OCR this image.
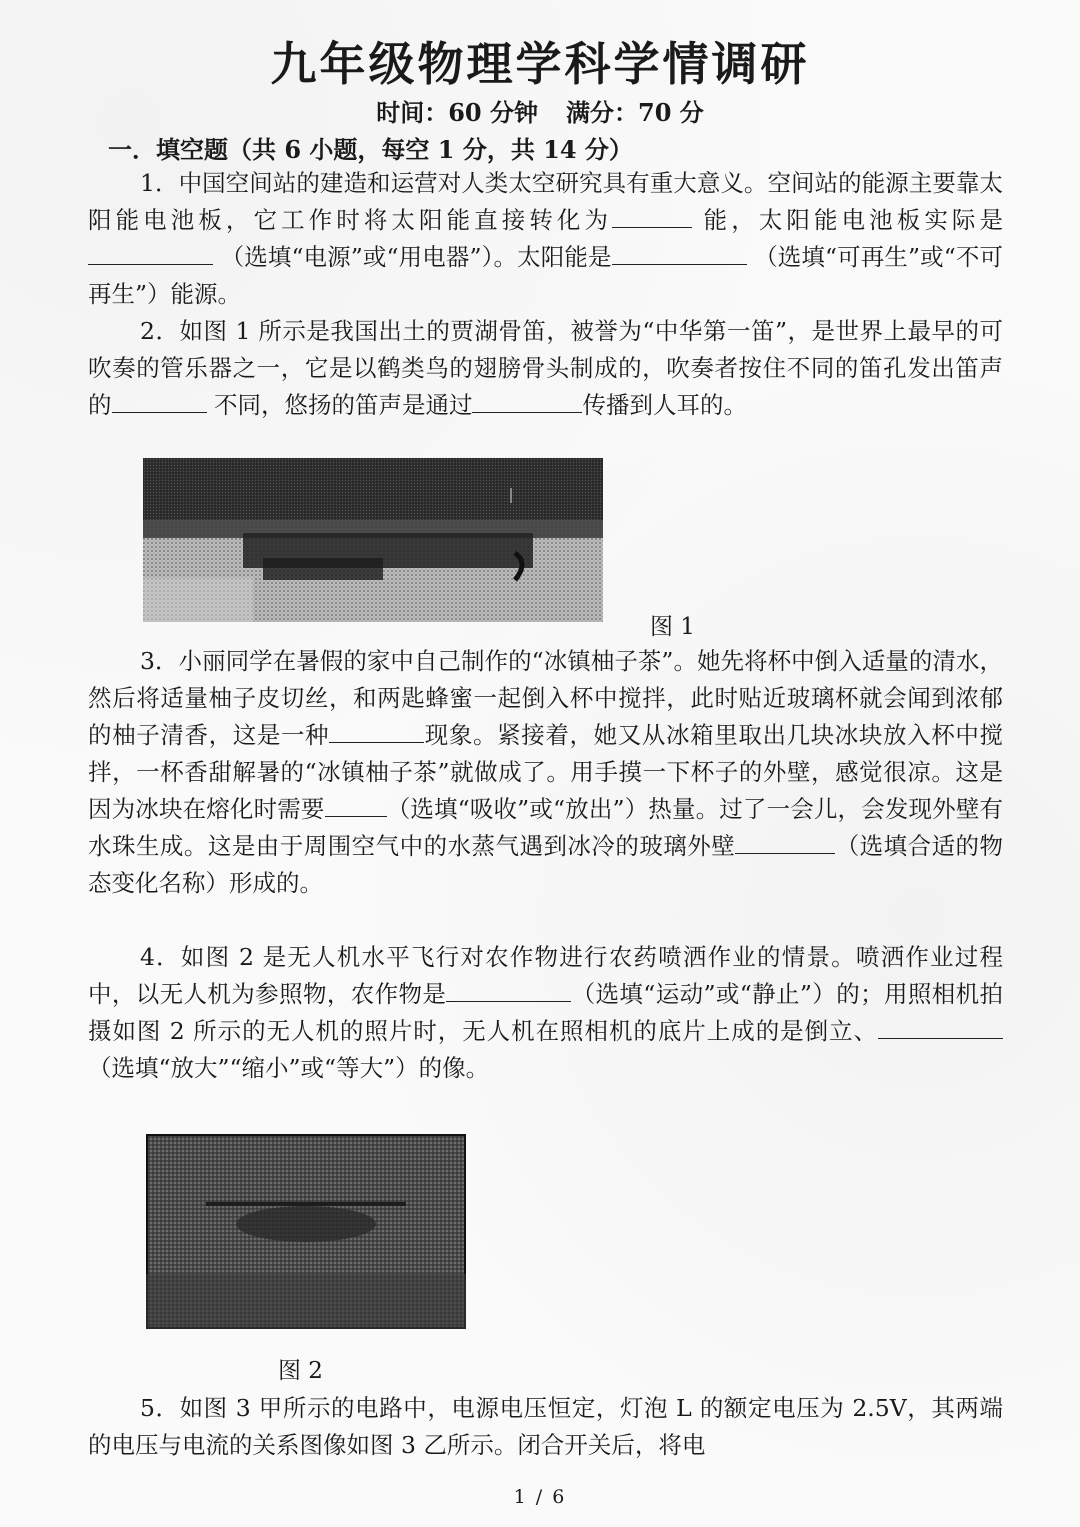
九年级物理学科学情调研
时间：60 分钟 满分：70 分
一．填空题（共 6 小题，每空 1 分，共 14 分）
1．中国空间站的建造和运营对人类太空研究具有重大意义。空间站的能源主要靠太阳能电池板，它工作时将太阳能直接转化为	能，太阳能电池板实际是 （选填“电源”或“用电器”）。太阳能是	（选填“可再生”或“不可再生”）能源。
2．如图 1 所示是我国出土的贾湖骨笛，被誉为“中华第一笛”，是世界上最早的可吹奏的管乐器之一，它是以鹤类鸟的翅膀骨头制成的，吹奏者按住不同的笛孔发出笛声的	不同，悠扬的笛声是通过	传播到人耳的。
图 1
3．小丽同学在暑假的家中自己制作的“冰镇柚子茶”。她先将杯中倒入适量的清水，然后将适量柚子皮切丝，和两匙蜂蜜一起倒入杯中搅拌，此时贴近玻璃杯就会闻到浓郁的柚子清香，这是一种	现象。紧接着，她又从冰箱里取出几块冰块放入杯中搅拌，一杯香甜解暑的“冰镇柚子茶”就做成了。用手摸一下杯子的外壁，感觉很凉。这是因为冰块在熔化时需要	（选填“吸收”或“放出”）热量。过了一会儿，会发现外壁有水珠生成。这是由于周围空气中的水蒸气遇到冰冷的玻璃外壁	（选填合适的物态变化名称）形成的。
4．如图 2 是无人机水平飞行对农作物进行农药喷洒作业的情景。喷洒作业过程中，以无人机为参照物，农作物是	（选填“运动”或“静止”）的；用照相机拍摄如图 2 所示的无人机的照片时，无人机在照相机的底片上成的是倒立、（选填“放大”“缩小”或“等大”）的像。
图 2
5．如图 3 甲所示的电路中，电源电压恒定，灯泡 L 的额定电压为 2.5V，其两端的电压与电流的关系图像如图 3 乙所示。闭合开关后，将电
1 / 6
